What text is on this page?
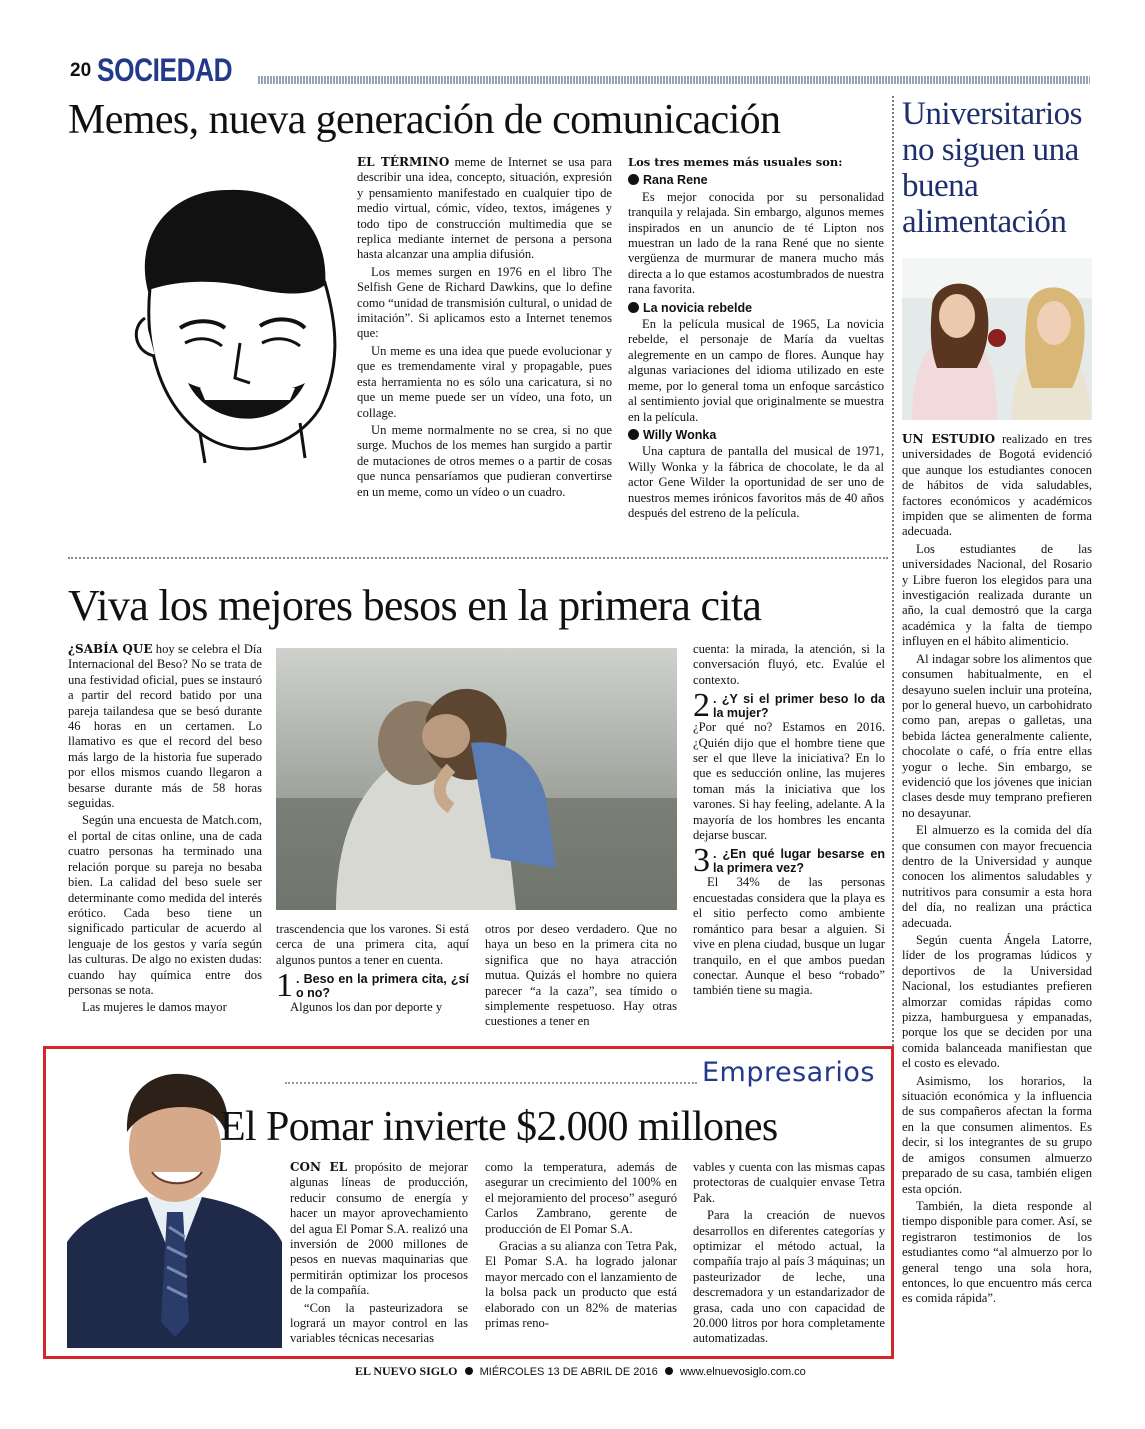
20 SOCIEDAD
Memes, nueva generación de comunicación

EL TÉRMINO meme de Internet se usa para describir una idea, concepto, situación, expresión y pensamiento manifestado en cualquier tipo de medio virtual, cómic, vídeo, textos, imágenes y todo tipo de construcción multimedia que se replica mediante internet de persona a persona hasta alcanzar una amplia difusión.

Los memes surgen en 1976 en el libro The Selfish Gene de Richard Dawkins, que lo define como “unidad de transmisión cultural, o unidad de imitación”. Si aplicamos esto a Internet tenemos que:

Un meme es una idea que puede evolucionar y que es tremendamente viral y propagable, pues esta herramienta no es sólo una caricatura, si no que un meme puede ser un vídeo, una foto, un collage.

Un meme normalmente no se crea, si no que surge. Muchos de los memes han surgido a partir de mutaciones de otros memes o a partir de cosas que nunca pensaríamos que pudieran convertirse en un meme, como un vídeo o un cuadro.

Los tres memes más usuales son:

Rana Rene

Es mejor conocida por su personalidad tranquila y relajada. Sin embargo, algunos memes inspirados en un anuncio de té Lipton nos muestran un lado de la rana René que no siente vergüenza de murmurar de manera mucho más directa a lo que estamos acostumbrados de nuestra rana favorita.

La novicia rebelde

En la película musical de 1965, La novicia rebelde, el personaje de María da vueltas alegremente en un campo de flores. Aunque hay algunas variaciones del idioma utilizado en este meme, por lo general toma un enfoque sarcástico al sentimiento jovial que originalmente se muestra en la película.

Willy Wonka

Una captura de pantalla del musical de 1971, Willy Wonka y la fábrica de chocolate, le da al actor Gene Wilder la oportunidad de ser uno de nuestros memes irónicos favoritos más de 40 años después del estreno de la película.

Viva los mejores besos en la primera cita

¿SABÍA QUE hoy se celebra el Día Internacional del Beso? No se trata de una festividad oficial, pues se instauró a partir del record batido por una pareja tailandesa que se besó durante 46 horas en un certamen. Lo llamativo es que el record del beso más largo de la historia fue superado por ellos mismos cuando llegaron a besarse durante más de 58 horas seguidas.

Según una encuesta de Match.com, el portal de citas online, una de cada cuatro personas ha terminado una relación porque su pareja no besaba bien. La calidad del beso suele ser determinante como medida del interés erótico. Cada beso tiene un significado particular de acuerdo al lenguaje de los gestos y varía según las culturas. De algo no existen dudas: cuando hay química entre dos personas se nota.

Las mujeres le damos mayor

trascendencia que los varones. Si está cerca de una primera cita, aquí algunos puntos a tener en cuenta.

1 . Beso en la primera cita, ¿sí o no?

Algunos los dan por deporte y

otros por deseo verdadero. Que no haya un beso en la primera cita no significa que no haya atracción mutua. Quizás el hombre no quiera parecer “a la caza”, sea tímido o simplemente respetuoso. Hay otras cuestiones a tener en

cuenta: la mirada, la atención, si la conversación fluyó, etc. Evalúe el contexto.

2 . ¿Y si el primer beso lo da la mujer?

¿Por qué no? Estamos en 2016. ¿Quién dijo que el hombre tiene que ser el que lleve la iniciativa? En lo que es seducción online, las mujeres toman más la iniciativa que los varones. Si hay feeling, adelante. A la mayoría de los hombres les encanta dejarse buscar.

3 . ¿En qué lugar besarse en la primera vez?

El 34% de las personas encuestadas considera que la playa es el sitio perfecto como ambiente romántico para besar a alguien. Si vive en plena ciudad, busque un lugar tranquilo, en el que ambos puedan conectar. Aunque el beso “robado” también tiene su magia.

Universitarios no siguen una buena alimentación

UN ESTUDIO realizado en tres universidades de Bogotá evidenció que aunque los estudiantes conocen de hábitos de vida saludables, factores económicos y académicos impiden que se alimenten de forma adecuada.

Los estudiantes de las universidades Nacional, del Rosario y Libre fueron los elegidos para una investigación realizada durante un año, la cual demostró que la carga académica y la falta de tiempo influyen en el hábito alimenticio.

Al indagar sobre los alimentos que consumen habitualmente, en el desayuno suelen incluir una proteína, por lo general huevo, un carbohidrato como pan, arepas o galletas, una bebida láctea generalmente caliente, chocolate o café, o fría entre ellas yogur o leche. Sin embargo, se evidenció que los jóvenes que inician clases desde muy temprano prefieren no desayunar.

El almuerzo es la comida del día que consumen con mayor frecuencia dentro de la Universidad y aunque conocen los alimentos saludables y nutritivos para consumir a esta hora del día, no realizan una práctica adecuada.

Según cuenta Ángela Latorre, líder de los programas lúdicos y deportivos de la Universidad Nacional, los estudiantes prefieren almorzar comidas rápidas como pizza, hamburguesa y empanadas, porque los que se deciden por una comida balanceada manifiestan que el costo es elevado.

Asimismo, los horarios, la situación económica y la influencia de sus compañeros afectan la forma en la que consumen alimentos. Es decir, si los integrantes de su grupo de amigos consumen almuerzo preparado de su casa, también eligen esta opción.

También, la dieta responde al tiempo disponible para comer. Así, se registraron testimonios de los estudiantes como “al almuerzo por lo general tengo una sola hora, entonces, lo que encuentro más cerca es comida rápida”.

Empresarios
El Pomar invierte $2.000 millones

CON EL propósito de mejorar algunas líneas de producción, reducir consumo de energía y hacer un mayor aprovechamiento del agua El Pomar S.A. realizó una inversión de 2000 millones de pesos en nuevas maquinarias que permitirán optimizar los procesos de la compañía.

“Con la pasteurizadora se logrará un mayor control en las variables técnicas necesarias

como la temperatura, además de asegurar un crecimiento del 100% en el mejoramiento del proceso” aseguró Carlos Zambrano, gerente de producción de El Pomar S.A.

Gracias a su alianza con Tetra Pak, El Pomar S.A. ha logrado jalonar mayor mercado con el lanzamiento de la bolsa pack un producto que está elaborado con un 82% de materias primas reno-

vables y cuenta con las mismas capas protectoras de cualquier envase Tetra Pak.

Para la creación de nuevos desarrollos en diferentes categorías y optimizar el método actual, la compañía trajo al país 3 máquinas; un pasteurizador de leche, una descremadora y un estandarizador de grasa, cada uno con capacidad de 20.000 litros por hora completamente automatizadas.

EL NUEVO SIGLO MIÉRCOLES 13 DE ABRIL DE 2016 www.elnuevosiglo.com.co
